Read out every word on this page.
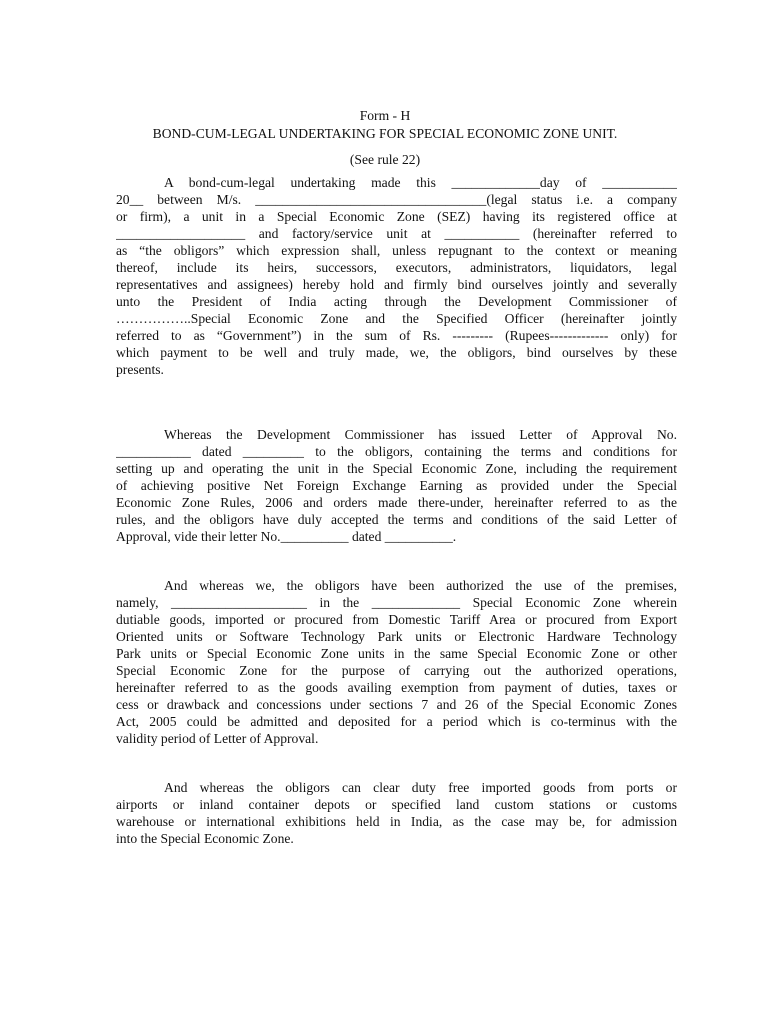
Form - H
BOND-CUM-LEGAL UNDERTAKING FOR SPECIAL ECONOMIC ZONE UNIT.
(See rule 22)
A bond-cum-legal undertaking made this _____________day of ___________
20__ between M/s. __________________________________(legal status i.e. a company
or firm), a unit in a Special Economic Zone (SEZ) having its registered office at
___________________ and factory/service unit at ___________ (hereinafter referred to
as “the obligors” which expression shall, unless repugnant to the context or meaning
thereof, include its heirs, successors, executors, administrators, liquidators, legal
representatives and assignees) hereby hold and firmly bind ourselves jointly and severally
unto the President of India acting through the Development Commissioner of
……………..Special Economic Zone and the Specified Officer (hereinafter jointly
referred to as “Government”) in the sum of Rs. --------- (Rupees------------- only) for
which payment to be well and truly made, we, the obligors, bind ourselves by these
presents.
Whereas the Development Commissioner has issued Letter of Approval No.
___________ dated _________ to the obligors, containing the terms and conditions for
setting up and operating the unit in the Special Economic Zone, including the requirement
of achieving positive Net Foreign Exchange Earning as provided under the Special
Economic Zone Rules, 2006 and orders made there-under, hereinafter referred to as the
rules, and the obligors have duly accepted the terms and conditions of the said Letter of
Approval, vide their letter No.__________ dated __________.
And whereas we, the obligors have been authorized the use of the premises,
namely, ____________________ in the _____________ Special Economic Zone wherein
dutiable goods, imported or procured from Domestic Tariff Area or procured from Export
Oriented units or Software Technology Park units or Electronic Hardware Technology
Park units or Special Economic Zone units in the same Special Economic Zone or other
Special Economic Zone for the purpose of carrying out the authorized operations,
hereinafter referred to as the goods availing exemption from payment of duties, taxes or
cess or drawback and concessions under sections 7 and 26 of the Special Economic Zones
Act, 2005 could be admitted and deposited for a period which is co-terminus with the
validity period of Letter of Approval.
And whereas the obligors can clear duty free imported goods from ports or
airports or inland container depots or specified land custom stations or customs
warehouse or international exhibitions held in India, as the case may be, for admission
into the Special Economic Zone.
